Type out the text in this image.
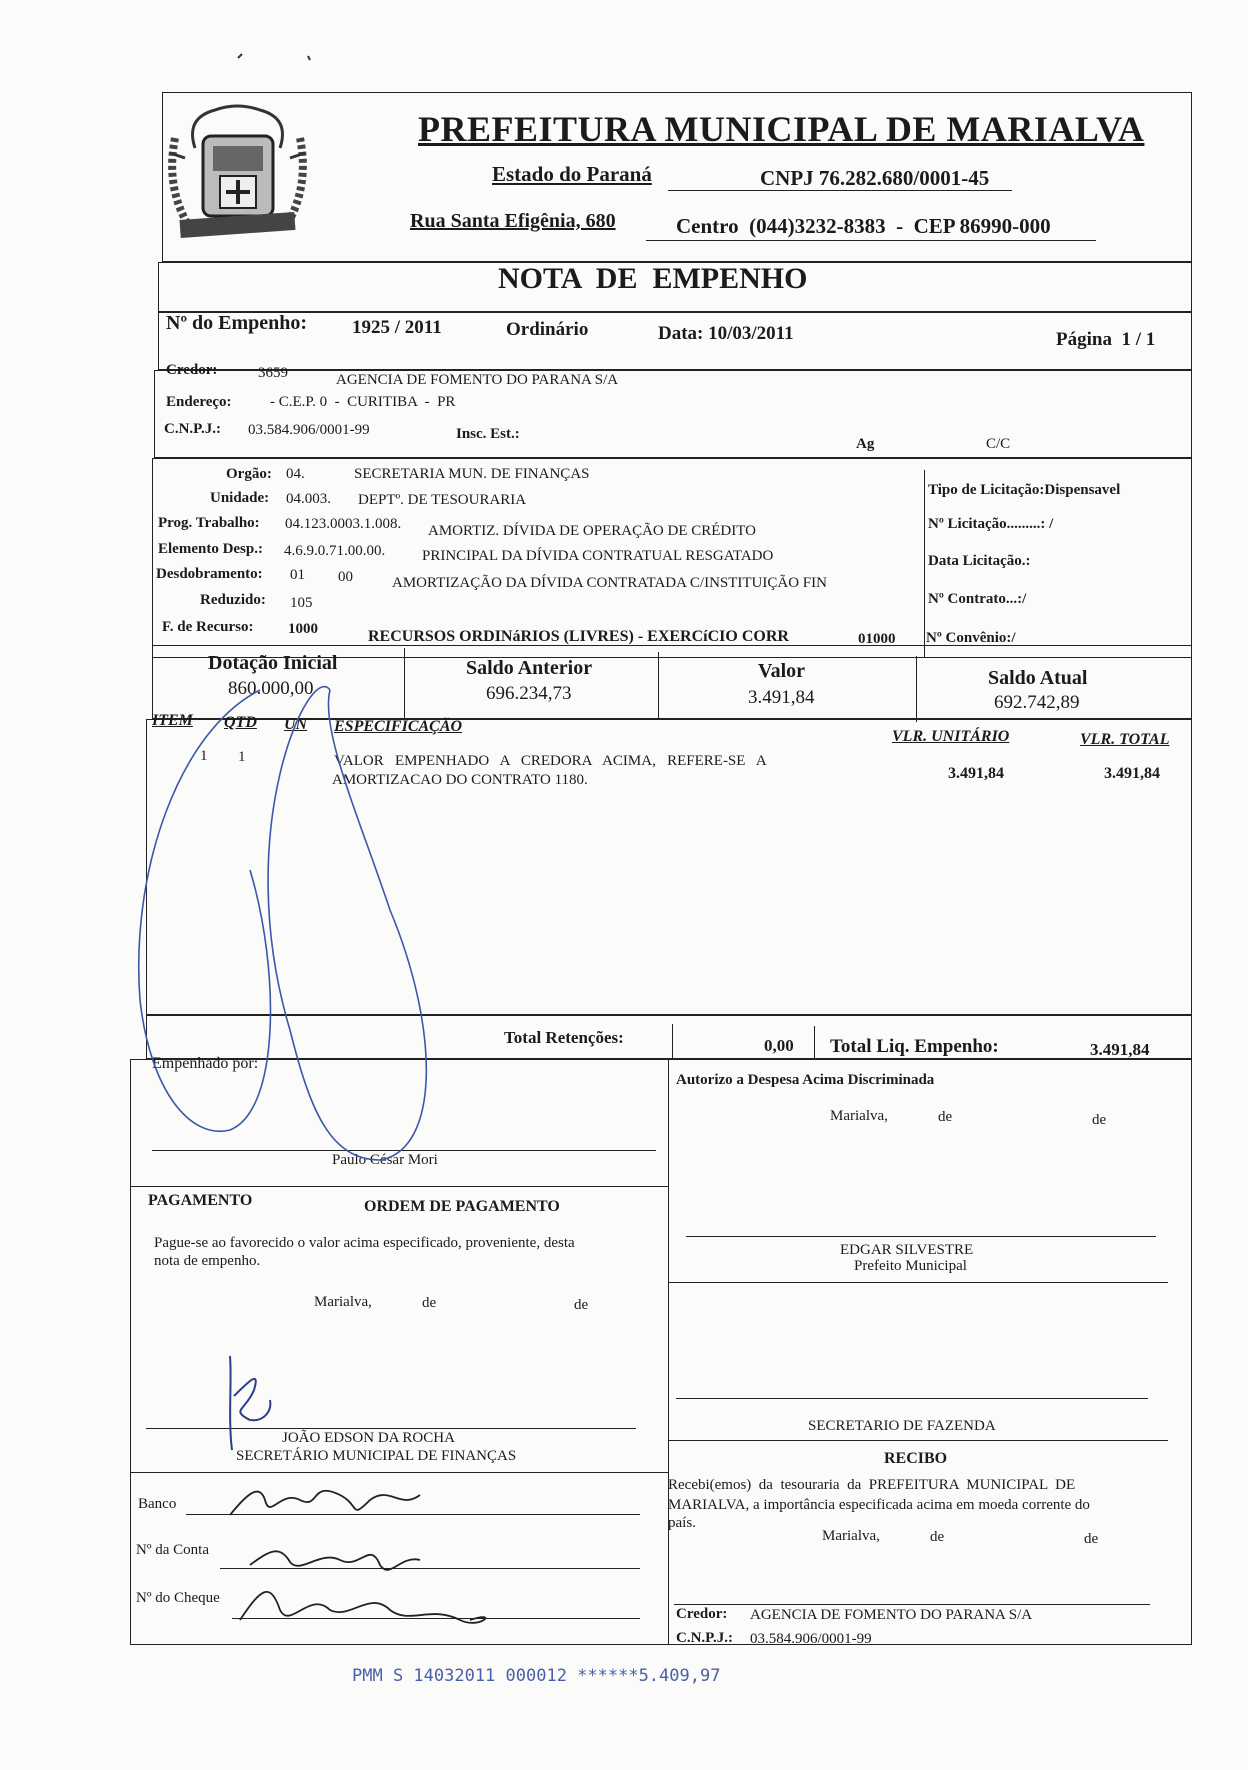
PREFEITURA MUNICIPAL DE MARIALVA
Estado do Paraná	CNPJ 76.282.680/0001-45
Rua Santa Efigênia, 680	Centro  (044)3232-8383  -  CEP 86990-000
NOTA  DE  EMPENHO
Nº do Empenho: 1925 / 2011	Ordinário	Data: 10/03/2011	Página  1 / 1
Credor:	3659	AGENCIA DE FOMENTO DO PARANA S/A
Endereço:	- C.E.P. 0  -  CURITIBA  -  PR
C.N.P.J.: 03.584.906/0001-99	Insc. Est.:
Ag	C/C
Orgão: 04.	SECRETARIA MUN. DE FINANÇAS
Unidade: 04.003. DEPTº. DE TESOURARIA
Prog. Trabalho: 04.123.0003.1.008. AMORTIZ. DÍVIDA DE OPERAÇÃO DE CRÉDITO
Elemento Desp.: 4.6.9.0.71.00.00. PRINCIPAL DA DÍVIDA CONTRATUAL RESGATADO
Desdobramento: 01 00	AMORTIZAÇÃO DA DÍVIDA CONTRATADA C/INSTITUIÇÃO FIN
Reduzido: 105
F. de Recurso: 1000	RECURSOS ORDINáRIOS (LIVRES) - EXERCíCIO CORR	01000
Tipo de Licitação:Dispensavel
Nº Licitação.........: /
Data Licitação.:
Nº Contrato...:/
Nº Convênio:/
Dotação Inicial
860.000,00
Saldo Anterior
696.234,73
Valor
3.491,84
Saldo Atual
692.742,89
ITEM QTD UN ESPECIFICAÇÃO
VLR. UNITÁRIO	VLR. TOTAL
1 1	VALOR   EMPENHADO   A   CREDORA   ACIMA,   REFERE-SE   A
AMORTIZACAO DO CONTRATO 1180.	3.491,84	3.491,84
Total Retenções:	0,00 Total Liq. Empenho:	3.491,84
Empenhado por:
Paulo César Mori
Autorizo a Despesa Acima Discriminada
Marialva,	de	de
EDGAR SILVESTRE
Prefeito Municipal
PAGAMENTO	ORDEM DE PAGAMENTO
Pague-se ao favorecido o valor acima especificado, proveniente, desta
nota de empenho.
Marialva,	de	de
JOÃO EDSON DA ROCHA
SECRETÁRIO MUNICIPAL DE FINANÇAS
SECRETARIO DE FAZENDA
RECIBO
Recebi(emos)  da  tesouraria  da  PREFEITURA  MUNICIPAL  DE
MARIALVA, a importância especificada acima em moeda corrente do
país.
Marialva,	de	de
Credor: AGENCIA DE FOMENTO DO PARANA S/A
C.N.P.J.: 03.584.906/0001-99
Banco
Nº da Conta
Nº do Cheque
PMM S 14032011 000012 ******5.409,97
